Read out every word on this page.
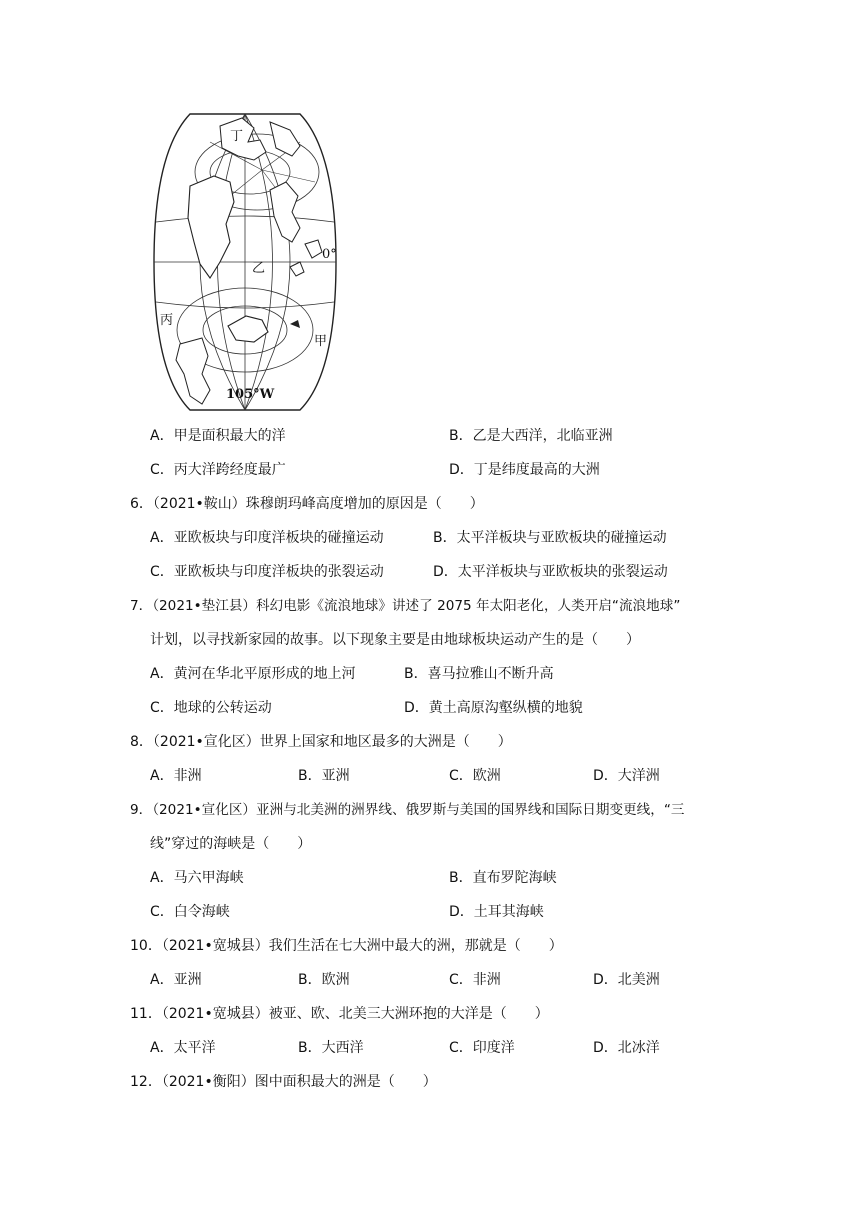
丁
乙
丙
甲
0°
105°W
A．甲是面积最大的洋	B．乙是大西洋，北临亚洲
C．丙大洋跨经度最广	D．丁是纬度最高的大洲
6．（2021•鞍山）珠穆朗玛峰高度增加的原因是（　　）
A．亚欧板块与印度洋板块的碰撞运动	B．太平洋板块与亚欧板块的碰撞运动
C．亚欧板块与印度洋板块的张裂运动	D．太平洋板块与亚欧板块的张裂运动
7．（2021•垫江县）科幻电影《流浪地球》讲述了 2075 年太阳老化，人类开启“流浪地球”
计划，以寻找新家园的故事。以下现象主要是由地球板块运动产生的是（　　）
A．黄河在华北平原形成的地上河	B．喜马拉雅山不断升高
C．地球的公转运动	D．黄土高原沟壑纵横的地貌
8．（2021•宣化区）世界上国家和地区最多的大洲是（　　）
A．非洲	B．亚洲	C．欧洲	D．大洋洲
9．（2021•宣化区）亚洲与北美洲的洲界线、俄罗斯与美国的国界线和国际日期变更线，“三
线”穿过的海峡是（　　）
A．马六甲海峡	B．直布罗陀海峡
C．白令海峡	D．土耳其海峡
10．（2021•宽城县）我们生活在七大洲中最大的洲，那就是（　　）
A．亚洲	B．欧洲	C．非洲	D．北美洲
11．（2021•宽城县）被亚、欧、北美三大洲环抱的大洋是（　　）
A．太平洋	B．大西洋	C．印度洋	D．北冰洋
12．（2021•衡阳）图中面积最大的洲是（　　）
